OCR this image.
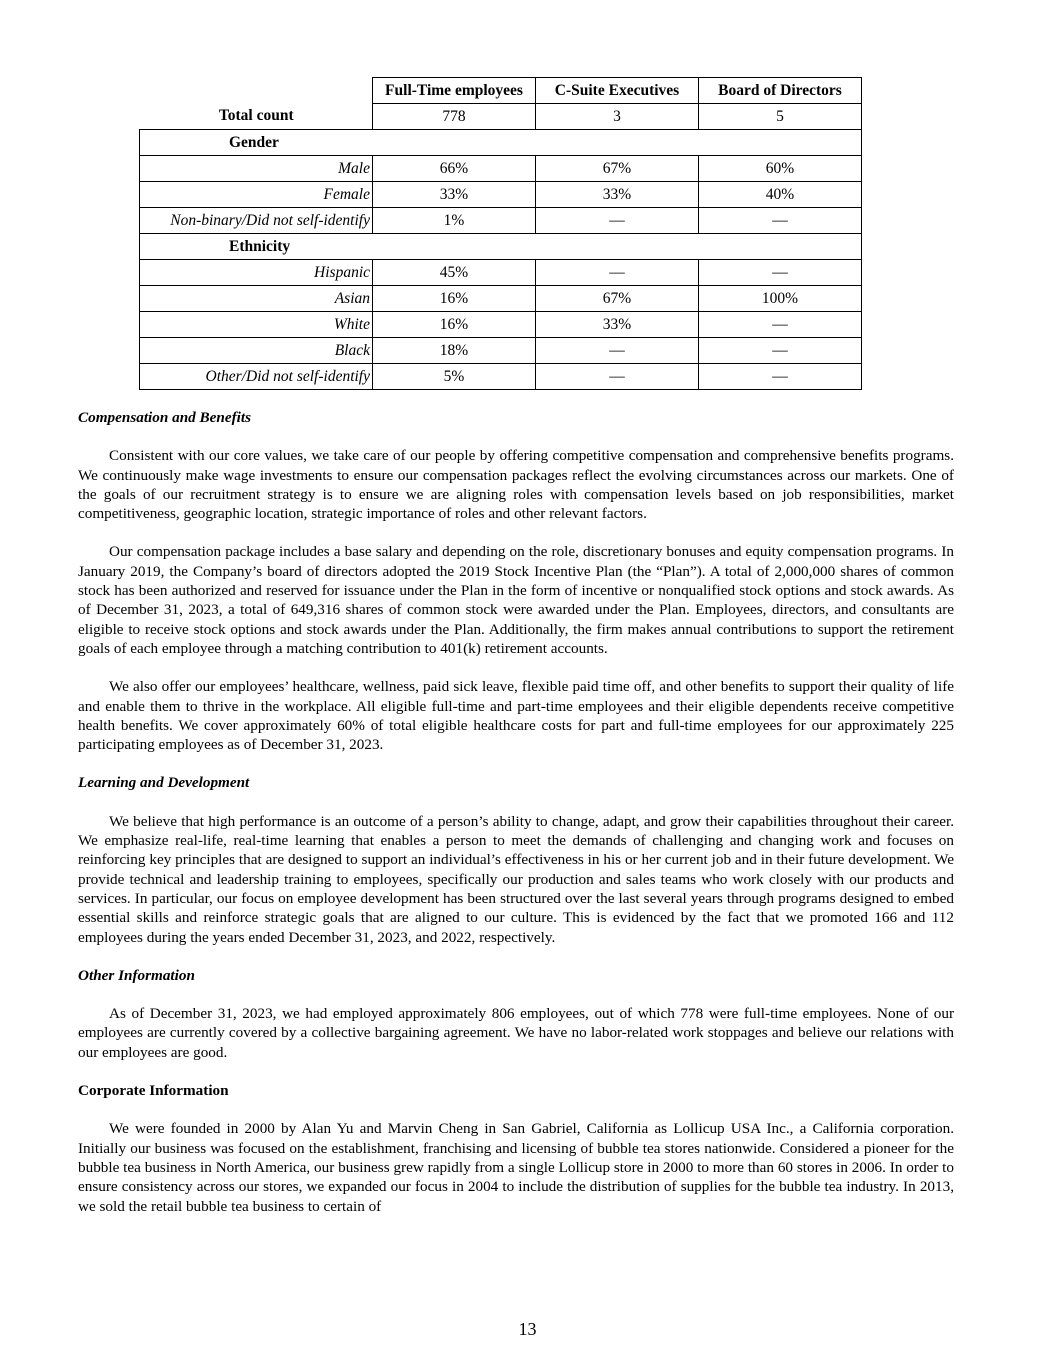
	Full-Time employees	C-Suite Executives	Board of Directors
Total count	778	3	5
Gender			
Male	66%	67%	60%
Female	33%	33%	40%
Non-binary/Did not self-identify	1%	—	—
Ethnicity			
Hispanic	45%	—	—
Asian	16%	67%	100%
White	16%	33%	—
Black	18%	—	—
Other/Did not self-identify	5%	—	—

Compensation and Benefits

Consistent with our core values, we take care of our people by offering competitive compensation and comprehensive benefits programs. We continuously make wage investments to ensure our compensation packages reflect the evolving circumstances across our markets. One of the goals of our recruitment strategy is to ensure we are aligning roles with compensation levels based on job responsibilities, market competitiveness, geographic location, strategic importance of roles and other relevant factors.

Our compensation package includes a base salary and depending on the role, discretionary bonuses and equity compensation programs. In January 2019, the Company’s board of directors adopted the 2019 Stock Incentive Plan (the “Plan”). A total of 2,000,000 shares of common stock has been authorized and reserved for issuance under the Plan in the form of incentive or nonqualified stock options and stock awards. As of December 31, 2023, a total of 649,316 shares of common stock were awarded under the Plan. Employees, directors, and consultants are eligible to receive stock options and stock awards under the Plan. Additionally, the firm makes annual contributions to support the retirement goals of each employee through a matching contribution to 401(k) retirement accounts.

We also offer our employees’ healthcare, wellness, paid sick leave, flexible paid time off, and other benefits to support their quality of life and enable them to thrive in the workplace. All eligible full-time and part-time employees and their eligible dependents receive competitive health benefits. We cover approximately 60% of total eligible healthcare costs for part and full-time employees for our approximately 225 participating employees as of December 31, 2023.

Learning and Development

We believe that high performance is an outcome of a person’s ability to change, adapt, and grow their capabilities throughout their career. We emphasize real-life, real-time learning that enables a person to meet the demands of challenging and changing work and focuses on reinforcing key principles that are designed to support an individual’s effectiveness in his or her current job and in their future development. We provide technical and leadership training to employees, specifically our production and sales teams who work closely with our products and services. In particular, our focus on employee development has been structured over the last several years through programs designed to embed essential skills and reinforce strategic goals that are aligned to our culture. This is evidenced by the fact that we promoted 166 and 112 employees during the years ended December 31, 2023, and 2022, respectively.

Other Information

As of December 31, 2023, we had employed approximately 806 employees, out of which 778 were full-time employees. None of our employees are currently covered by a collective bargaining agreement. We have no labor-related work stoppages and believe our relations with our employees are good.

Corporate Information

We were founded in 2000 by Alan Yu and Marvin Cheng in San Gabriel, California as Lollicup USA Inc., a California corporation. Initially our business was focused on the establishment, franchising and licensing of bubble tea stores nationwide. Considered a pioneer for the bubble tea business in North America, our business grew rapidly from a single Lollicup store in 2000 to more than 60 stores in 2006. In order to ensure consistency across our stores, we expanded our focus in 2004 to include the distribution of supplies for the bubble tea industry. In 2013, we sold the retail bubble tea business to certain of

13
